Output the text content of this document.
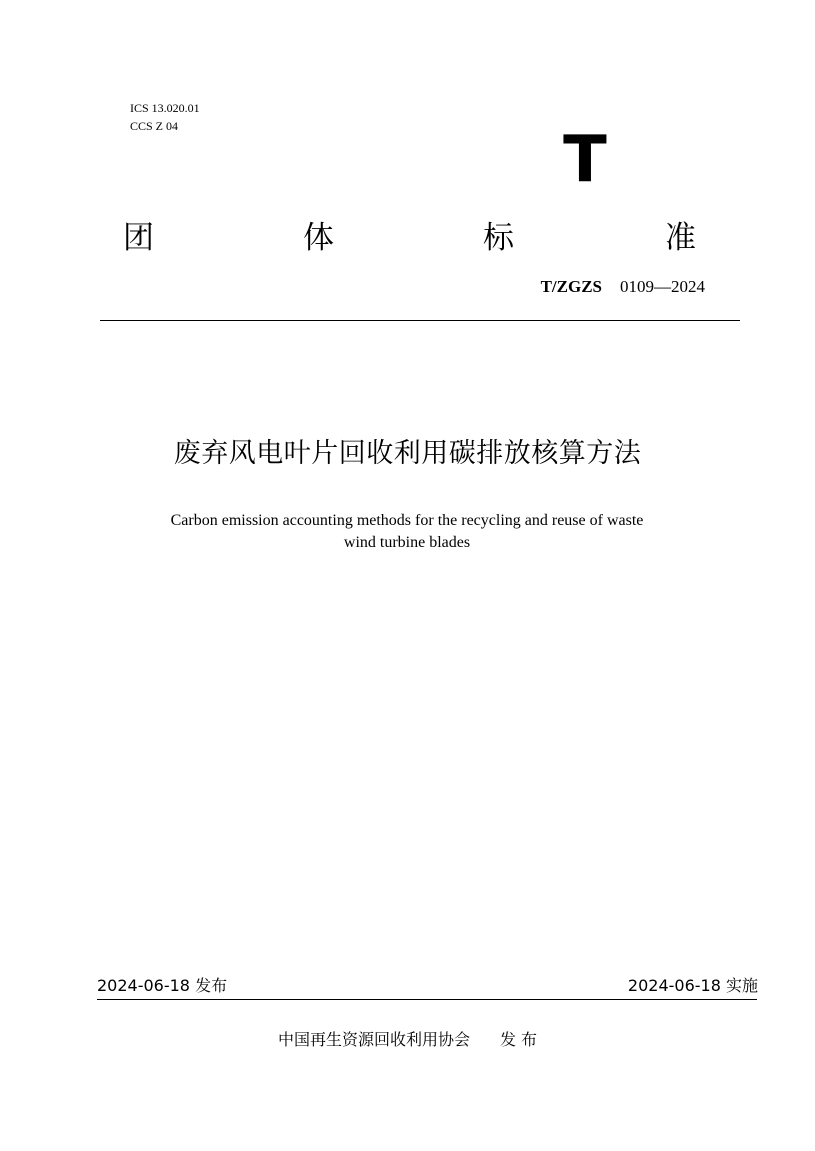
ICS 13.020.01
CCS Z 04	T
团	体	标	准
T/ZGZS 0109—2024
废弃风电叶片回收利用碳排放核算方法
Carbon emission accounting methods for the recycling and reuse of waste
wind turbine blades
2024-06-18 发布	2024-06-18 实施
中国再生资源回收利用协会 发 布
